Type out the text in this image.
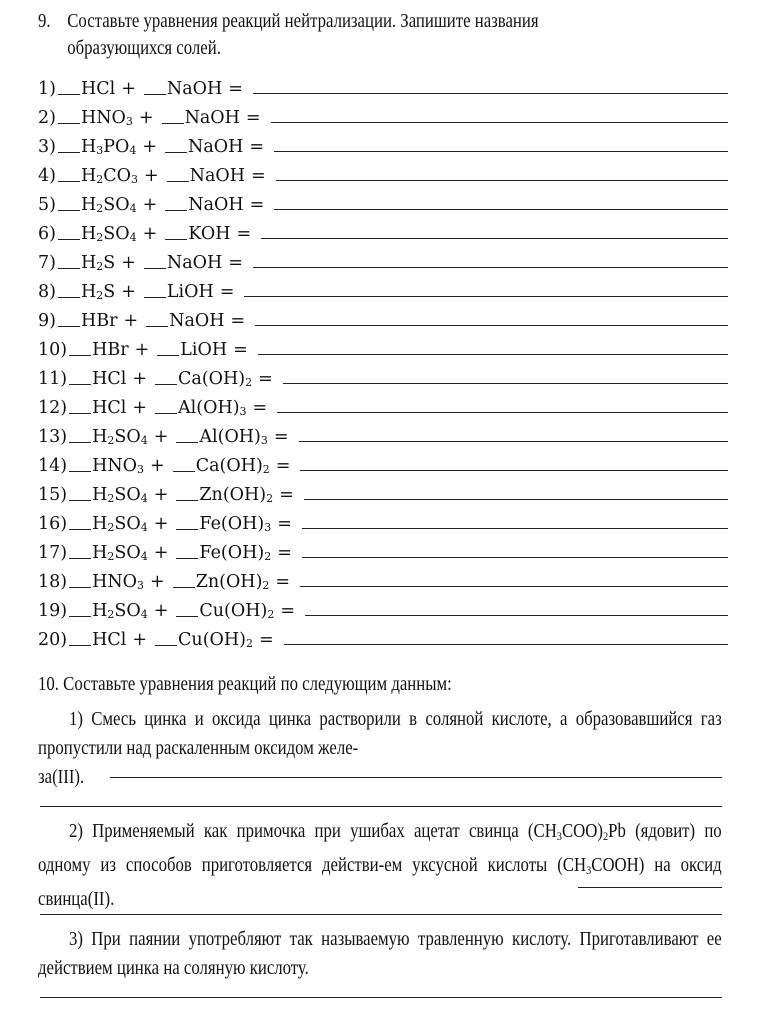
9. Составьте уравнения реакций нейтрализации. Запишите названия
образующихся солей.
1) HCl + NaOH =
2) $HNO_3$ + NaOH =
3) $H_3PO_4$ + NaOH =
4) $H_2CO_3$ + NaOH =
5) $H_2SO_4$ + NaOH =
6) $H_2SO_4$ + KOH =
7) $H_2S$ + NaOH =
8) $H_2S$ + LiOH =
9) HBr + NaOH =
10) HBr + LiOH =
11) HCl + $Ca(OH)_2$ =
12) HCl + $Al(OH)_3$ =
13) $H_2SO_4 + Al(OH)_3$ =
14) $HNO_3 + Ca(OH)_2$ =
15) $H_2SO_4 + Zn(OH)_2$ =
16) $H_2SO_4 + Fe(OH)_3$ =
17) $H_2SO_4 + Fe(OH)_2$ =
18) $HNO_3 + Zn(OH)_2$ =
19) $H_2SO_4 + Cu(OH)_2$ =
20) HCl + $Cu(OH)_2$ =
10. Составьте уравнения реакций по следующим данным:
1) Смесь цинка и оксида цинка растворили в соляной кислоте, а образовавшийся газ пропустили над раскаленным оксидом желе-
за(III).
2) Применяемый как примочка при ушибах ацетат свинца $(CH_3COO)_2Pb$ (ядовит) по одному из способов приготовляется действи-ем уксусной кислоты $(CH_3COOH)$ на оксид свинца(II).
3) При паянии употребляют так называемую травленную кислоту. Приготавливают ее действием цинка на соляную кислоту.
